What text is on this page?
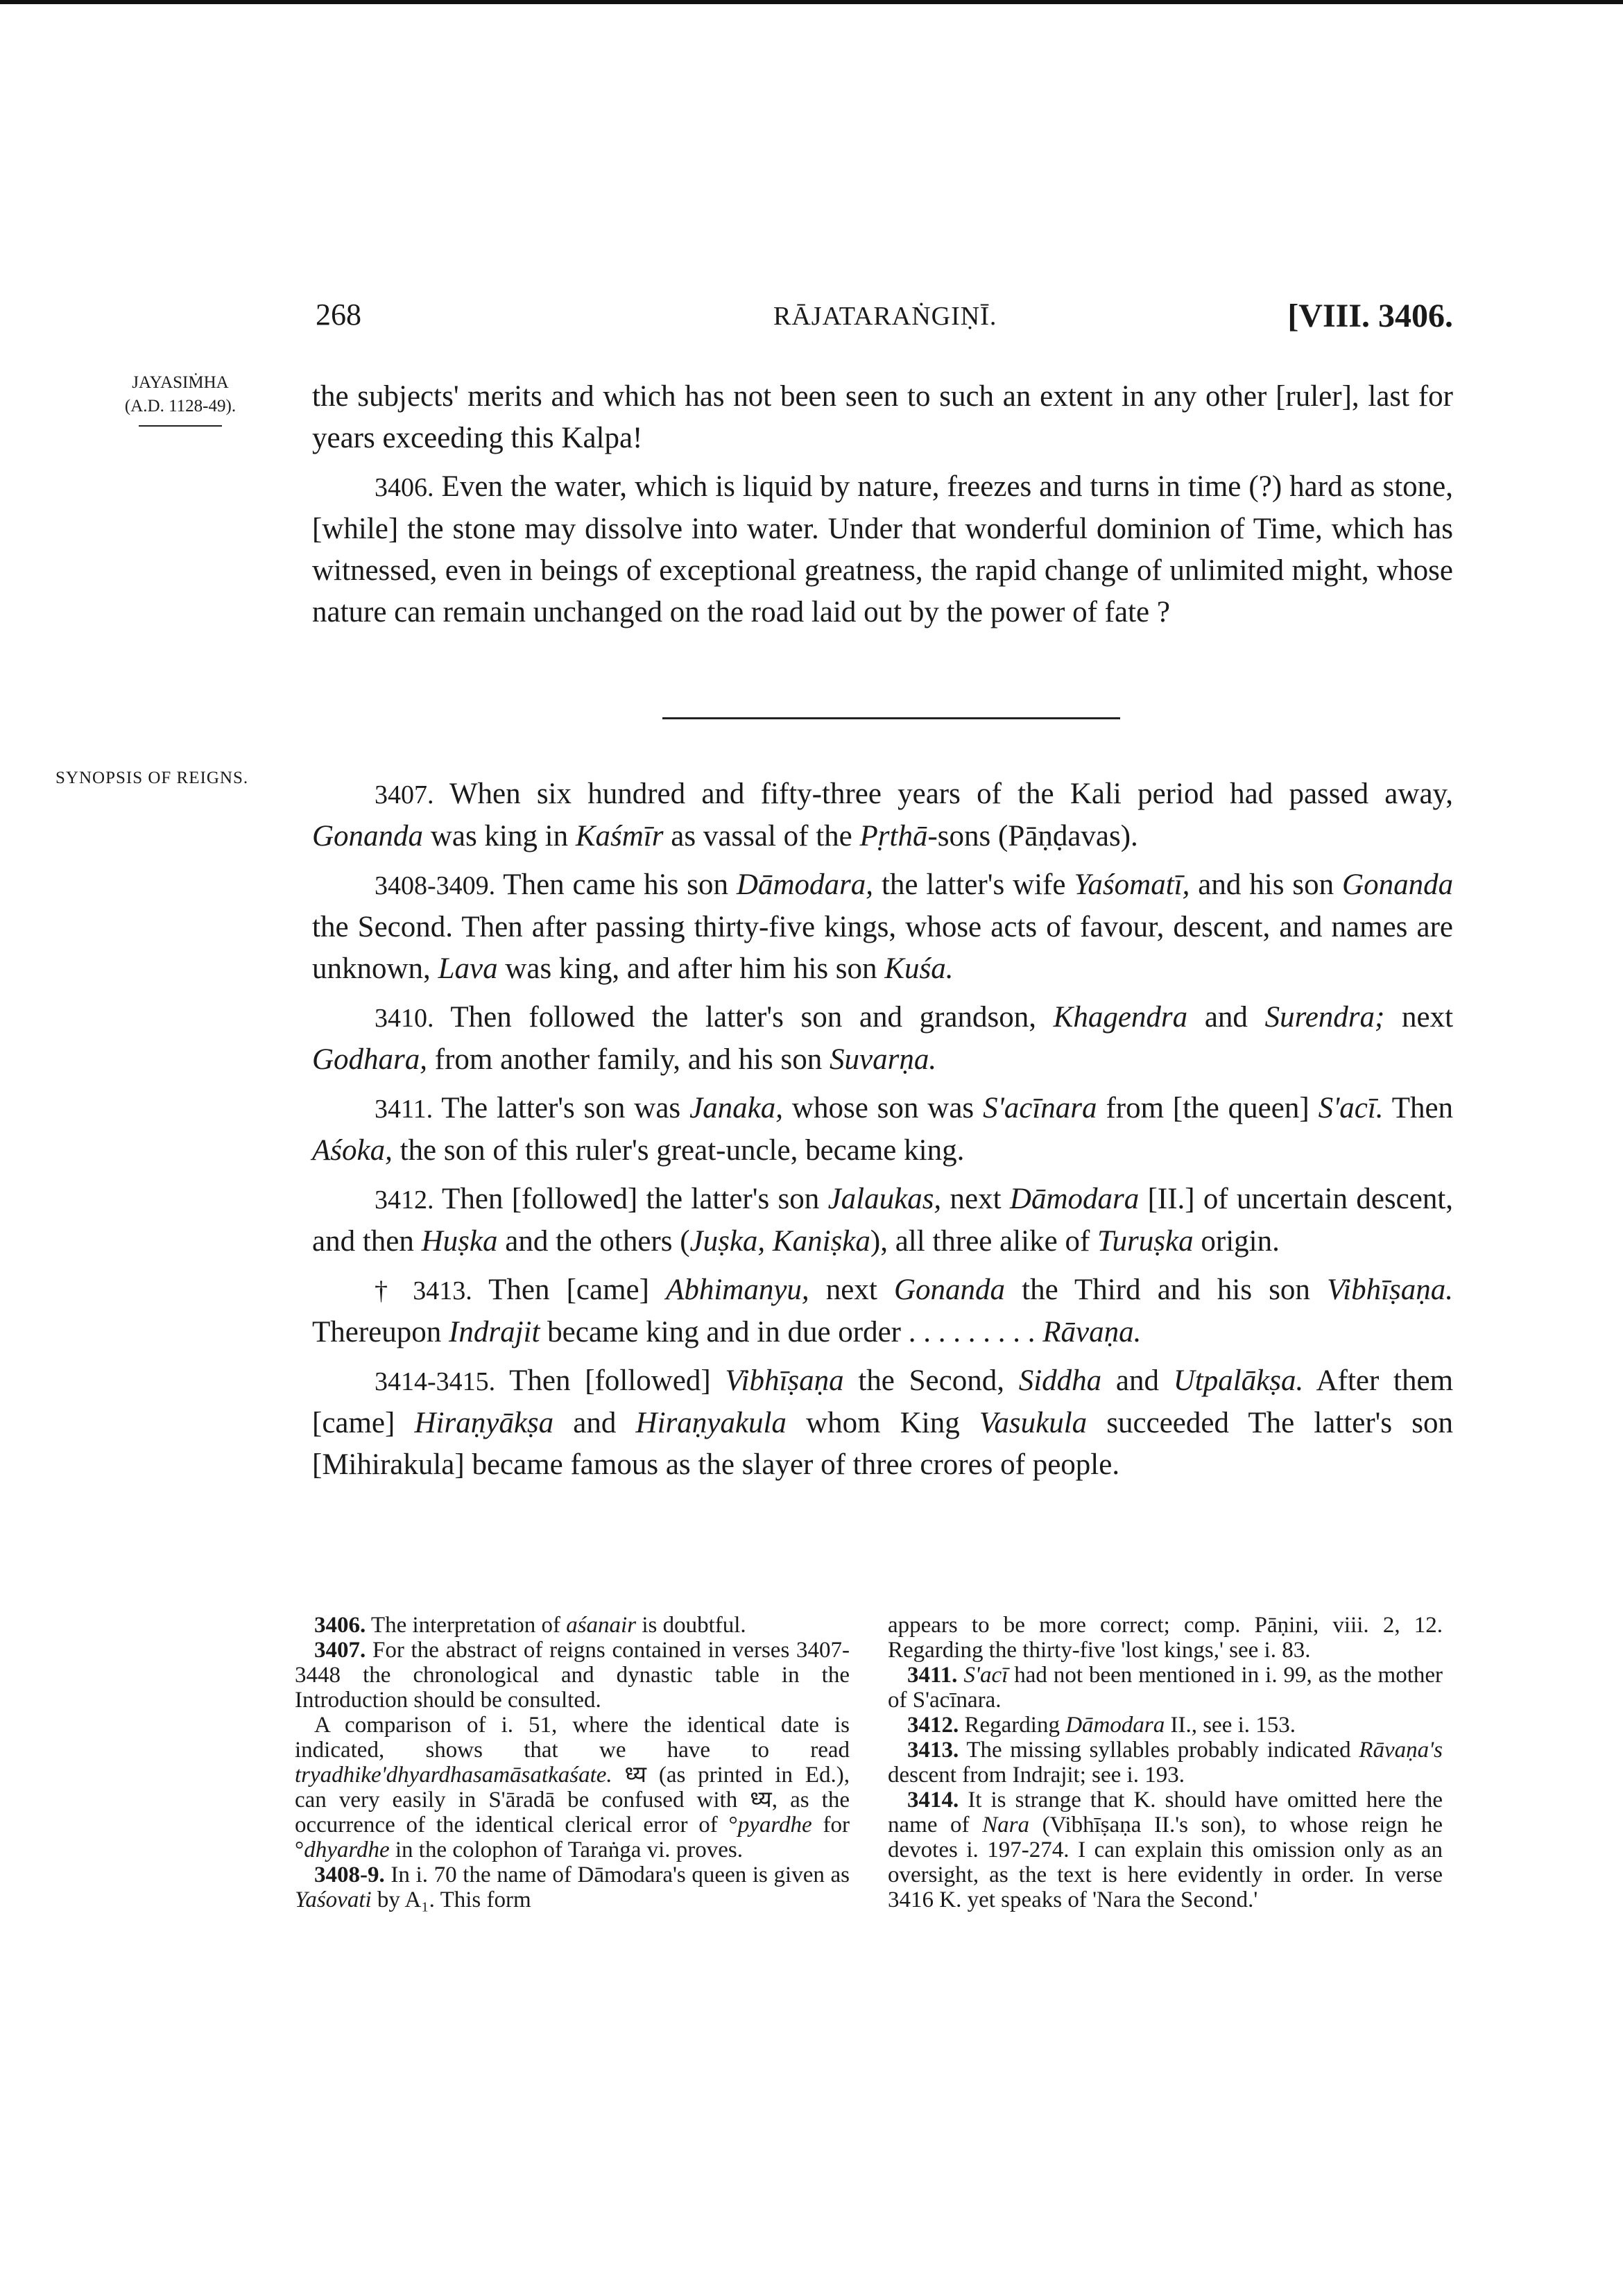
268	RĀJATARAṄGIṆĪ.	[VIII. 3406.
JAYASIṀHA
(A.D. 1128-49).	the subjects' merits and which has not been seen to such an extent in any other [ruler], last for years exceeding this Kalpa!

3406. Even the water, which is liquid by nature, freezes and turns in time (?) hard as stone, [while] the stone may dissolve into water. Under that wonderful dominion of Time, which has witnessed, even in beings of exceptional greatness, the rapid change of unlimited might, whose nature can remain unchanged on the road laid out by the power of fate ?

SYNOPSIS OF REIGNS.

3407. When six hundred and fifty-three years of the Kali period had passed away, Gonanda was king in Kaśmīr as vassal of the Pṛthā-sons (Pāṇḍavas).

3408-3409. Then came his son Dāmodara, the latter's wife Yaśomatī, and his son Gonanda the Second. Then after passing thirty-five kings, whose acts of favour, descent, and names are unknown, Lava was king, and after him his son Kuśa.

3410. Then followed the latter's son and grandson, Khagendra and Surendra; next Godhara, from another family, and his son Suvarṇa.

3411. The latter's son was Janaka, whose son was S'acīnara from [the queen] S'acī. Then Aśoka, the son of this ruler's great-uncle, became king.

3412. Then [followed] the latter's son Jalaukas, next Dāmodara [II.] of uncertain descent, and then Huṣka and the others (Juṣka, Kaniṣka), all three alike of Turuṣka origin.

† 3413. Then [came] Abhimanyu, next Gonanda the Third and his son Vibhīṣaṇa. Thereupon Indrajit became king and in due order . . . . . . . . . Rāvaṇa.

3414-3415. Then [followed] Vibhīṣaṇa the Second, Siddha and Utpalākṣa. After them [came] Hiraṇyākṣa and Hiraṇyakula whom King Vasukula succeeded The latter's son [Mihirakula] became famous as the slayer of three crores of people.

3406. The interpretation of aśanair is doubtful.

3407. For the abstract of reigns contained in verses 3407-3448 the chronological and dynastic table in the Introduction should be consulted.

A comparison of i. 51, where the identical date is indicated, shows that we have to read tryadhike'dhyardhasamāsatkaśate. ध्य (as printed in Ed.), can very easily in S'āradā be confused with ध्य, as the occurrence of the identical clerical error of °pyardhe for °dhyardhe in the colophon of Taraṅga vi. proves.

3408-9. In i. 70 the name of Dāmodara's queen is given as Yaśovati by A₁. This form

appears to be more correct; comp. Pāṇini, viii. 2, 12. Regarding the thirty-five 'lost kings,' see i. 83.

3411. S'acī had not been mentioned in i. 99, as the mother of S'acīnara.

3412. Regarding Dāmodara II., see i. 153.

3413. The missing syllables probably indicated Rāvaṇa's descent from Indrajit; see i. 193.

3414. It is strange that K. should have omitted here the name of Nara (Vibhīṣaṇa II.'s son), to whose reign he devotes i. 197-274. I can explain this omission only as an oversight, as the text is here evidently in order. In verse 3416 K. yet speaks of 'Nara the Second.'
